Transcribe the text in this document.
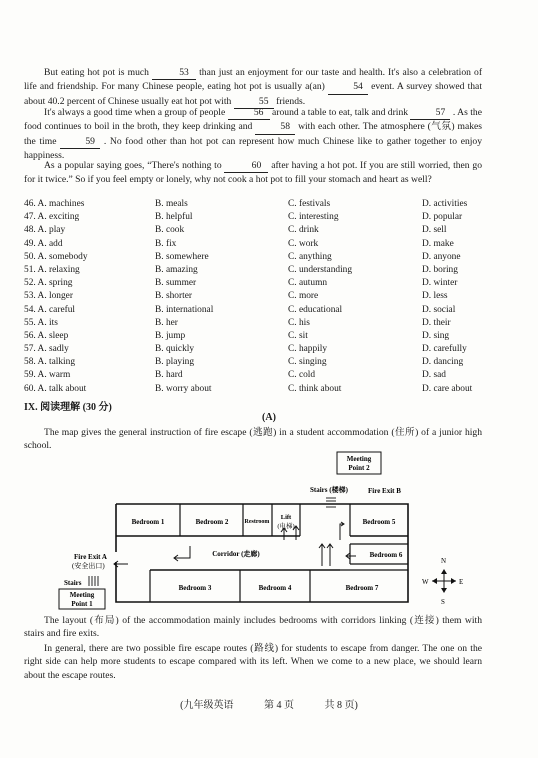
But eating hot pot is much	53 than just an enjoyment for our taste and health. It's also a celebration of life and friendship. For many Chinese people, eating hot pot is usually a(an)	54 event. A survey showed that about 40.2 percent of Chinese usually eat hot pot with	55 friends.
It's always a good time when a group of people	56 around a table to eat, talk and drink	57 . As the food continues to boil in the broth, they keep drinking and	58 with each other. The atmosphere (气氛) makes the time	59 . No food other than hot pot can represent how much Chinese like to gather together to enjoy happiness.
As a popular saying goes, “There's nothing to	60 after having a hot pot. If you are still worried, then go for it twice.” So if you feel empty or lonely, why not cook a hot pot to fill your stomach and heart as well?
46. A. machines	B. meals	C. festivals	D. activities
47. A. exciting	B. helpful	C. interesting	D. popular
48. A. play	B. cook	C. drink	D. sell
49. A. add	B. fix	C. work	D. make
50. A. somebody	B. somewhere	C. anything	D. anyone
51. A. relaxing	B. amazing	C. understanding	D. boring
52. A. spring	B. summer	C. autumn	D. winter
53. A. longer	B. shorter	C. more	D. less
54. A. careful	B. international	C. educational	D. social
55. A. its	B. her	C. his	D. their
56. A. sleep	B. jump	C. sit	D. sing
57. A. sadly	B. quickly	C. happily	D. carefully
58. A. talking	B. playing	C. singing	D. dancing
59. A. warm	B. hard	C. cold	D. sad
60. A. talk about	B. worry about	C. think about	D. care about
IX. 阅读理解 (30 分)
(A)
The map gives the general instruction of fire escape (逃跑) in a student accommodation (住所) of a junior high school.
Meeting
Point 2
Stairs (楼梯)	Fire Exit B
Bedroom 1	Bedroom 2	Restroom
Lift
(电梯)
Bedroom 5
Bedroom 6
Corridor (走廊)
Fire Exit A
(安全出口)
Stairs
Meeting
Point 1
Bedroom 3	Bedroom 4	Bedroom 7
N
S
W	E
The layout (布局) of the accommodation mainly includes bedrooms with corridors linking (连接) them with stairs and fire exits.
In general, there are two possible fire escape routes (路线) for students to escape from danger. The one on the right side can help more students to escape compared with its left. When we come to a new place, we should learn about the escape routes.
(九年级英语	第 4 页	共 8 页)
